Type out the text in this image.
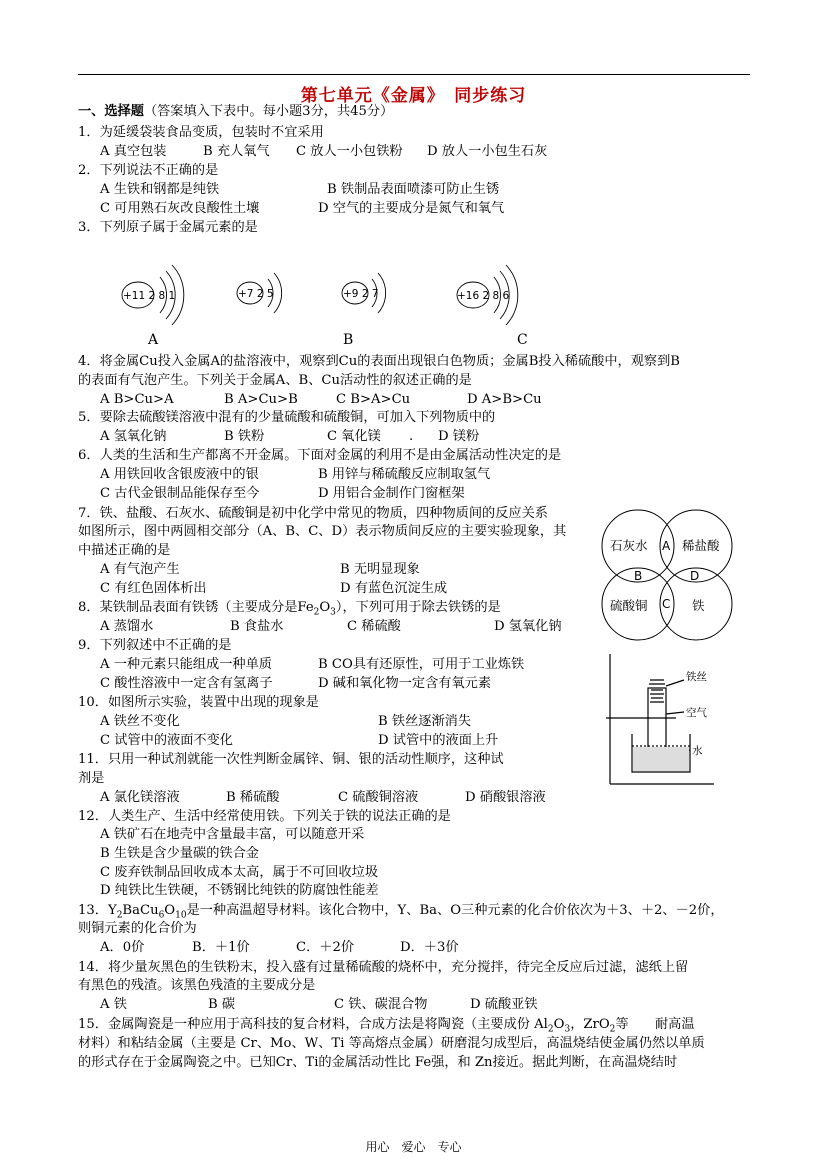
第七单元《金属》　同步练习
一、选择题（答案填入下表中。每小题3分，共45分）
1．为延缓袋装食品变质，包装时不宜采用
A 真空包装	B 充人氧气 C 放人一小包铁粉 D 放人一小包生石灰
2．下列说法不正确的是
A 生铁和钢都是纯铁	B 铁制品表面喷漆可防止生锈
C 可用熟石灰改良酸性土壤	D 空气的主要成分是氮气和氧气
3．下列原子属于金属元素的是
+11 2 8 1	+7 2 5	+9 2 7	+16 2 8 6
A	B	C
4．将金属Cu投入金属A的盐溶液中，观察到Cu的表面出现银白色物质；金属B投入稀硫酸中，观察到B
的表面有气泡产生。下列关于金属A、B、Cu活动性的叙述正确的是
A B>Cu>A	B A>Cu>B	C B>A>Cu	D A>B>Cu
5．要除去硫酸镁溶液中混有的少量硫酸和硫酸铜，可加入下列物质中的
A 氢氧化钠	B 铁粉	C 氧化镁 . D 镁粉
6．人类的生活和生产都离不开金属。下面对金属的利用不是由金属活动性决定的是
A 用铁回收含银废液中的银	B 用锌与稀硫酸反应制取氢气
C 古代金银制品能保存至今	D 用铝合金制作门窗框架
7．铁、盐酸、石灰水、硫酸铜是初中化学中常见的物质，四种物质间的反应关系
如图所示，图中两圆相交部分（A、B、C、D）表示物质间反应的主要实验现象，其
中描述正确的是
A 有气泡产生	B 无明显现象
C 有红色固体析出	D 有蓝色沉淀生成
石灰水	稀盐酸
硫酸铜	铁
A
B
C
D
8．某铁制品表面有铁锈（主要成分是$Fe_2O_3$），下列可用于除去铁锈的是
A 蒸馏水	B 食盐水	C 稀硫酸	D 氢氧化钠
9．下列叙述中不正确的是
A 一种元素只能组成一种单质	B CO具有还原性，可用于工业炼铁
C 酸性溶液中一定含有氢离子	D 碱和氧化物一定含有氧元素	铁丝
空气
水
10．如图所示实验，装置中出现的现象是
A 铁丝不变化	B 铁丝逐渐消失
C 试管中的液面不变化	D 试管中的液面上升
11．只用一种试剂就能一次性判断金属锌、铜、银的活动性顺序，这种试
剂是
A 氯化镁溶液	B 稀硫酸	C 硫酸铜溶液	D 硝酸银溶液
12．人类生产、生活中经常使用铁。下列关于铁的说法正确的是
A 铁矿石在地壳中含量最丰富，可以随意开采
B 生铁是含少量碳的铁合金
C 废弃铁制品回收成本太高，属于不可回收垃圾
D 纯铁比生铁硬，不锈钢比纯铁的防腐蚀性能差
13．$Y_2BaCu_6O_{10}$是一种高温超导材料。该化合物中，Y、Ba、O三种元素的化合价依次为＋3、＋2、－2价，
则铜元素的化合价为
A．0价	B．＋1价	C．＋2价	D．＋3价
14．将少量灰黑色的生铁粉末，投入盛有过量稀硫酸的烧杯中，充分搅拌，待完全反应后过滤，滤纸上留
有黑色的残渣。该黑色残渣的主要成分是
A 铁	B 碳	C 铁、碳混合物	D 硫酸亚铁
15．金属陶瓷是一种应用于高科技的复合材料，合成方法是将陶瓷（主要成份 $Al_2O_3$，ZrO$_2$等　　耐高温
材料）和粘结金属（主要是 Cr、Mo、W、Ti 等高熔点金属）研磨混匀成型后，高温烧结使金属仍然以单质
的形式存在于金属陶瓷之中。已知Cr、Ti的金属活动性比 Fe强，和 Zn接近。据此判断，在高温烧结时
用心　爱心　专心
